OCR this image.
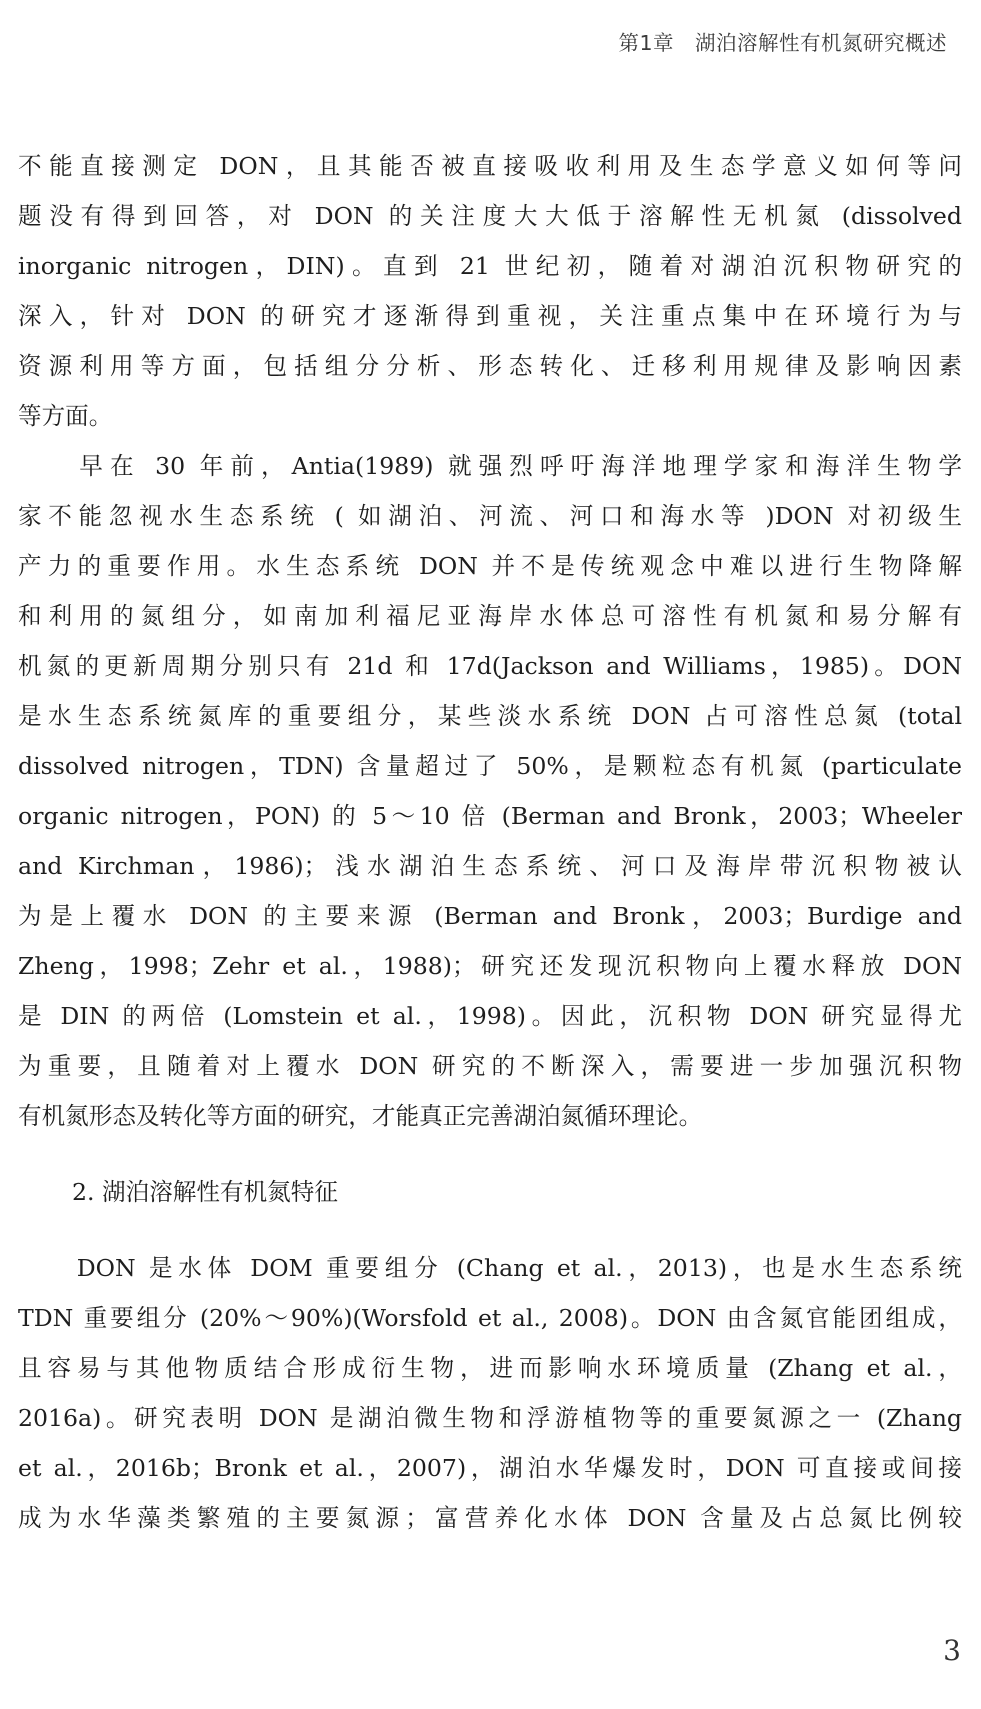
第1章　湖泊溶解性有机氮研究概述
不能直接测定 DON，且其能否被直接吸收利用及生态学意义如何等问
题没有得到回答，对 DON 的关注度大大低于溶解性无机氮 (dissolved
inorganic nitrogen，DIN)。直到 21 世纪初，随着对湖泊沉积物研究的
深入，针对 DON 的研究才逐渐得到重视，关注重点集中在环境行为与
资源利用等方面，包括组分分析、形态转化、迁移利用规律及影响因素
等方面。
　　早在 30 年前，Antia(1989) 就强烈呼吁海洋地理学家和海洋生物学
家不能忽视水生态系统 ( 如湖泊、河流、河口和海水等 )DON 对初级生
产力的重要作用。水生态系统 DON 并不是传统观念中难以进行生物降解
和利用的氮组分，如南加利福尼亚海岸水体总可溶性有机氮和易分解有
机氮的更新周期分别只有 21d 和 17d(Jackson and Williams，1985)。DON
是水生态系统氮库的重要组分，某些淡水系统 DON 占可溶性总氮 (total
dissolved nitrogen，TDN) 含量超过了 50%，是颗粒态有机氮 (particulate
organic nitrogen，PON) 的 5～10 倍 (Berman and Bronk，2003；Wheeler
and Kirchman，1986)；浅水湖泊生态系统、河口及海岸带沉积物被认
为是上覆水 DON 的主要来源 (Berman and Bronk，2003；Burdige and
Zheng，1998；Zehr et al.，1988)；研究还发现沉积物向上覆水释放 DON
是 DIN 的两倍 (Lomstein et al.，1998)。因此，沉积物 DON 研究显得尤
为重要，且随着对上覆水 DON 研究的不断深入，需要进一步加强沉积物
有机氮形态及转化等方面的研究，才能真正完善湖泊氮循环理论。
2. 湖泊溶解性有机氮特征
　　DON 是水体 DOM 重要组分 (Chang et al.，2013)，也是水生态系统
TDN 重要组分 (20%～90%)(Worsfold et al., 2008)。DON 由含氮官能团组成，
且容易与其他物质结合形成衍生物，进而影响水环境质量 (Zhang et al.，
2016a)。研究表明 DON 是湖泊微生物和浮游植物等的重要氮源之一 (Zhang
et al.，2016b；Bronk et al.，2007)，湖泊水华爆发时，DON 可直接或间接
成为水华藻类繁殖的主要氮源；富营养化水体 DON 含量及占总氮比例较
3
